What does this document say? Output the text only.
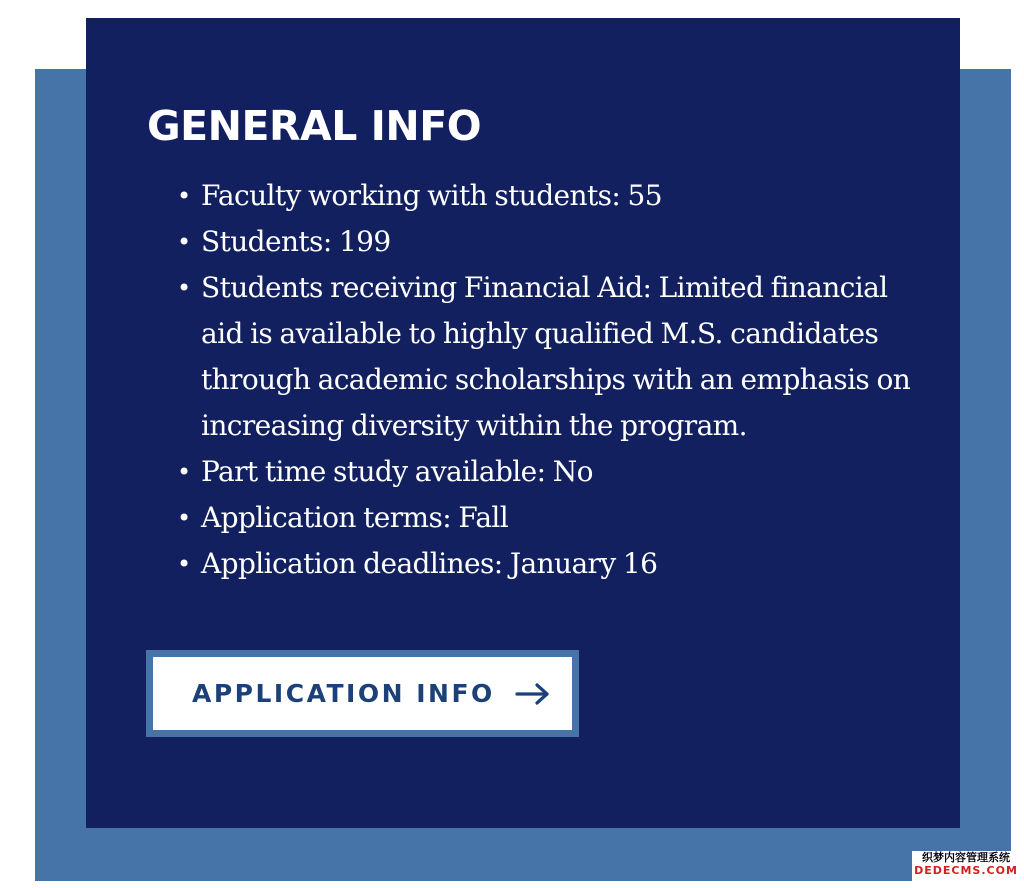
GENERAL INFO
• Faculty working with students: 55
• Students: 199
• Students receiving Financial Aid: Limited financial aid is available to highly qualified M.S. candidates through academic scholarships with an emphasis on increasing diversity within the program.
• Part time study available: No
• Application terms: Fall
• Application deadlines: January 16
APPLICATION INFO
织梦内容管理系统
DEDECMS.COM
